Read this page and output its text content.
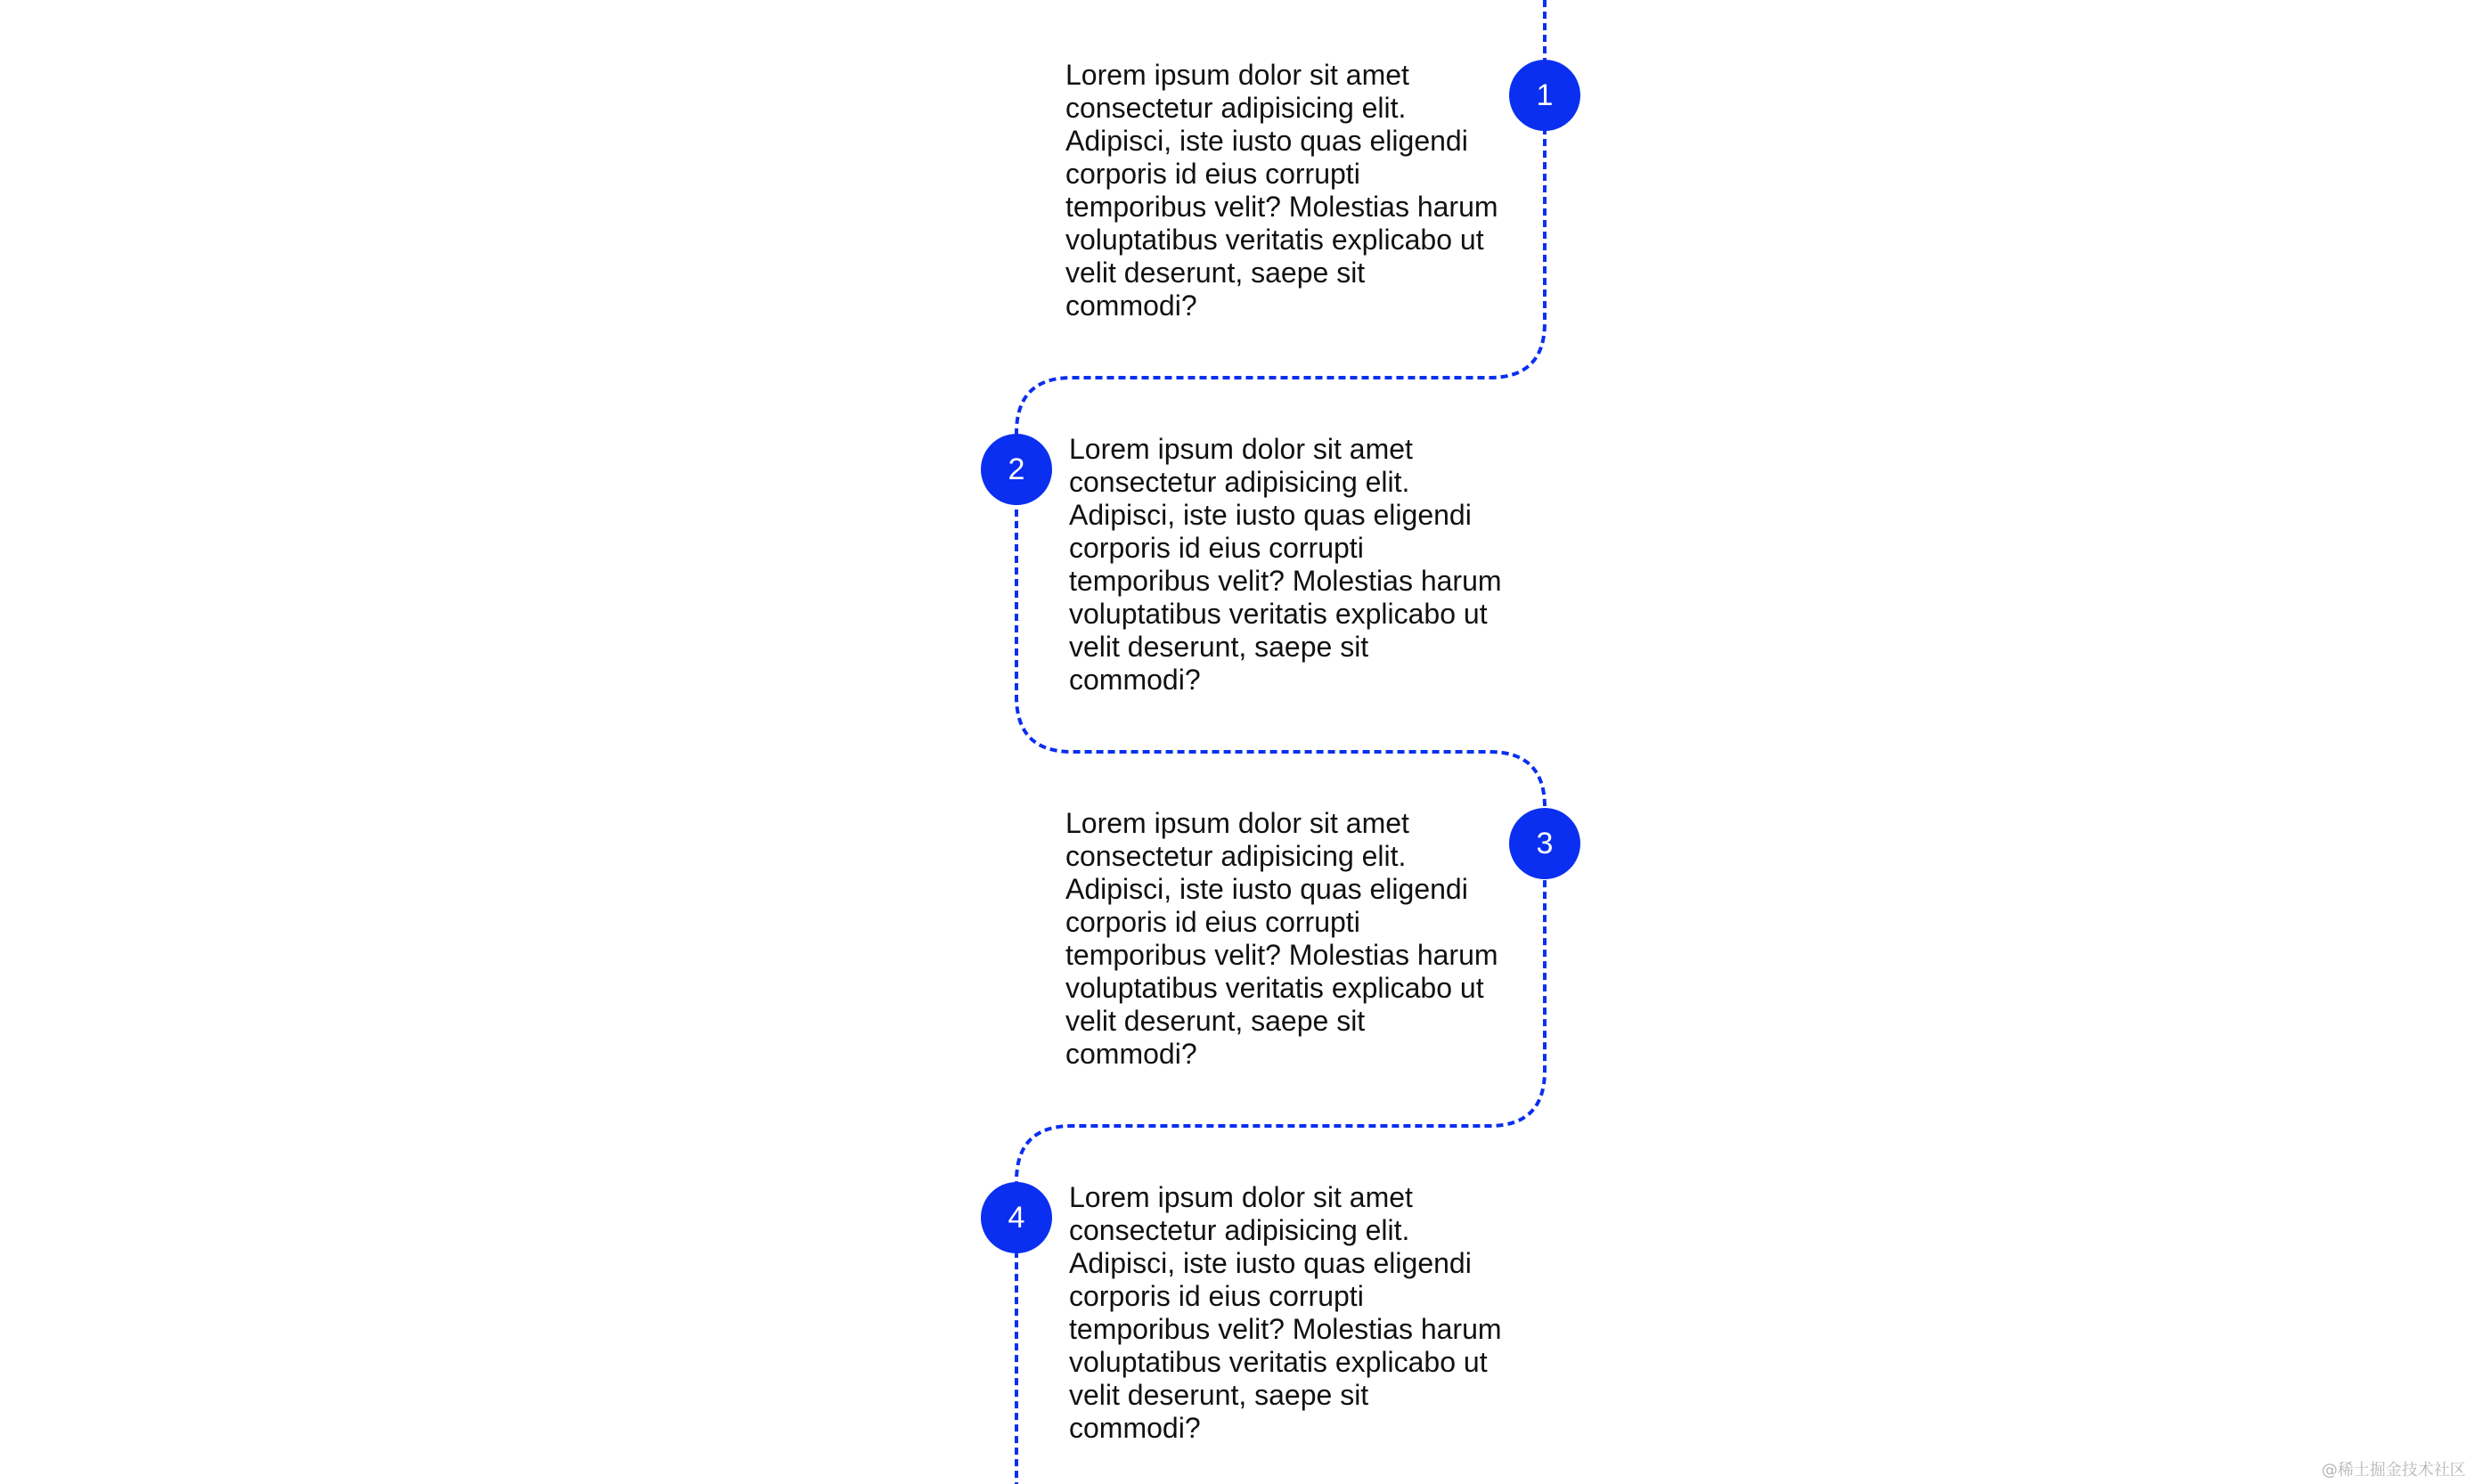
Lorem ipsum dolor sit amet consectetur adipisicing elit. Adipisci, iste iusto quas eligendi corporis id eius corrupti temporibus velit? Molestias harum voluptatibus veritatis explicabo ut velit deserunt, saepe sit commodi?

1
2

Lorem ipsum dolor sit amet consectetur adipisicing elit. Adipisci, iste iusto quas eligendi corporis id eius corrupti temporibus velit? Molestias harum voluptatibus veritatis explicabo ut velit deserunt, saepe sit commodi?

Lorem ipsum dolor sit amet consectetur adipisicing elit. Adipisci, iste iusto quas eligendi corporis id eius corrupti temporibus velit? Molestias harum voluptatibus veritatis explicabo ut velit deserunt, saepe sit commodi?

3
4

Lorem ipsum dolor sit amet consectetur adipisicing elit. Adipisci, iste iusto quas eligendi corporis id eius corrupti temporibus velit? Molestias harum voluptatibus veritatis explicabo ut velit deserunt, saepe sit commodi?

@稀土掘金技术社区
